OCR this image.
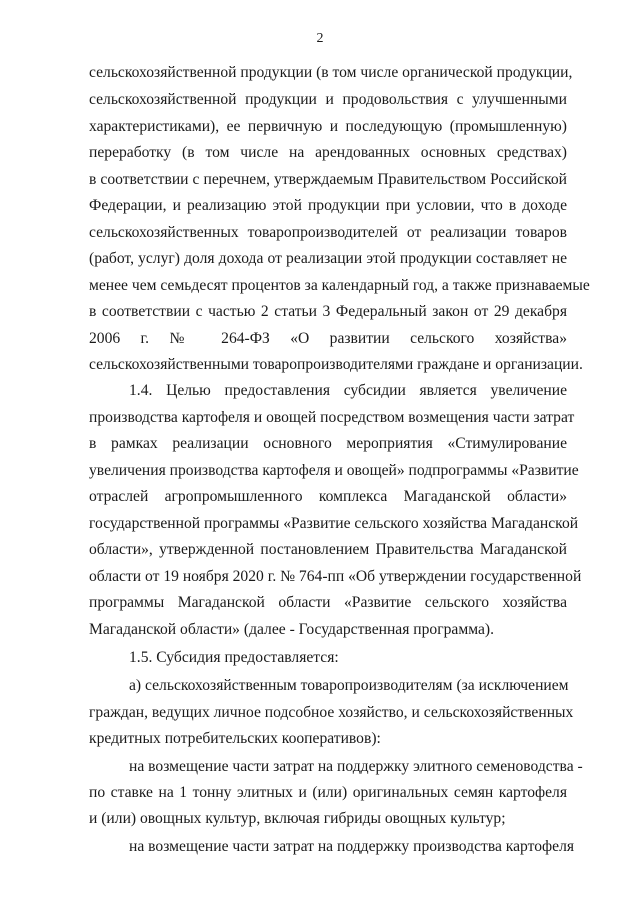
2
сельскохозяйственной продукции (в том числе органической продукции,
сельскохозяйственной продукции и продовольствия с улучшенными
характеристиками), ее первичную и последующую (промышленную)
переработку (в том числе на арендованных основных средствах)
в соответствии с перечнем, утверждаемым Правительством Российской
Федерации, и реализацию этой продукции при условии, что в доходе
сельскохозяйственных товаропроизводителей от реализации товаров
(работ, услуг) доля дохода от реализации этой продукции составляет не
менее чем семьдесят процентов за календарный год, а также признаваемые
в соответствии с частью 2 статьи 3 Федеральный закон от 29 декабря
2006 г. № 264-ФЗ «О развитии сельского хозяйства»
сельскохозяйственными товаропроизводителями граждане и организации.
1.4. Целью предоставления субсидии является увеличение
производства картофеля и овощей посредством возмещения части затрат
в рамках реализации основного мероприятия «Стимулирование
увеличения производства картофеля и овощей» подпрограммы «Развитие
отраслей агропромышленного комплекса Магаданской области»
государственной программы «Развитие сельского хозяйства Магаданской
области», утвержденной постановлением Правительства Магаданской
области от 19 ноября 2020 г. № 764-пп «Об утверждении государственной
программы Магаданской области «Развитие сельского хозяйства
Магаданской области» (далее - Государственная программа).
1.5. Субсидия предоставляется:
а) сельскохозяйственным товаропроизводителям (за исключением
граждан, ведущих личное подсобное хозяйство, и сельскохозяйственных
кредитных потребительских кооперативов):
на возмещение части затрат на поддержку элитного семеноводства -
по ставке на 1 тонну элитных и (или) оригинальных семян картофеля
и (или) овощных культур, включая гибриды овощных культур;
на возмещение части затрат на поддержку производства картофеля
